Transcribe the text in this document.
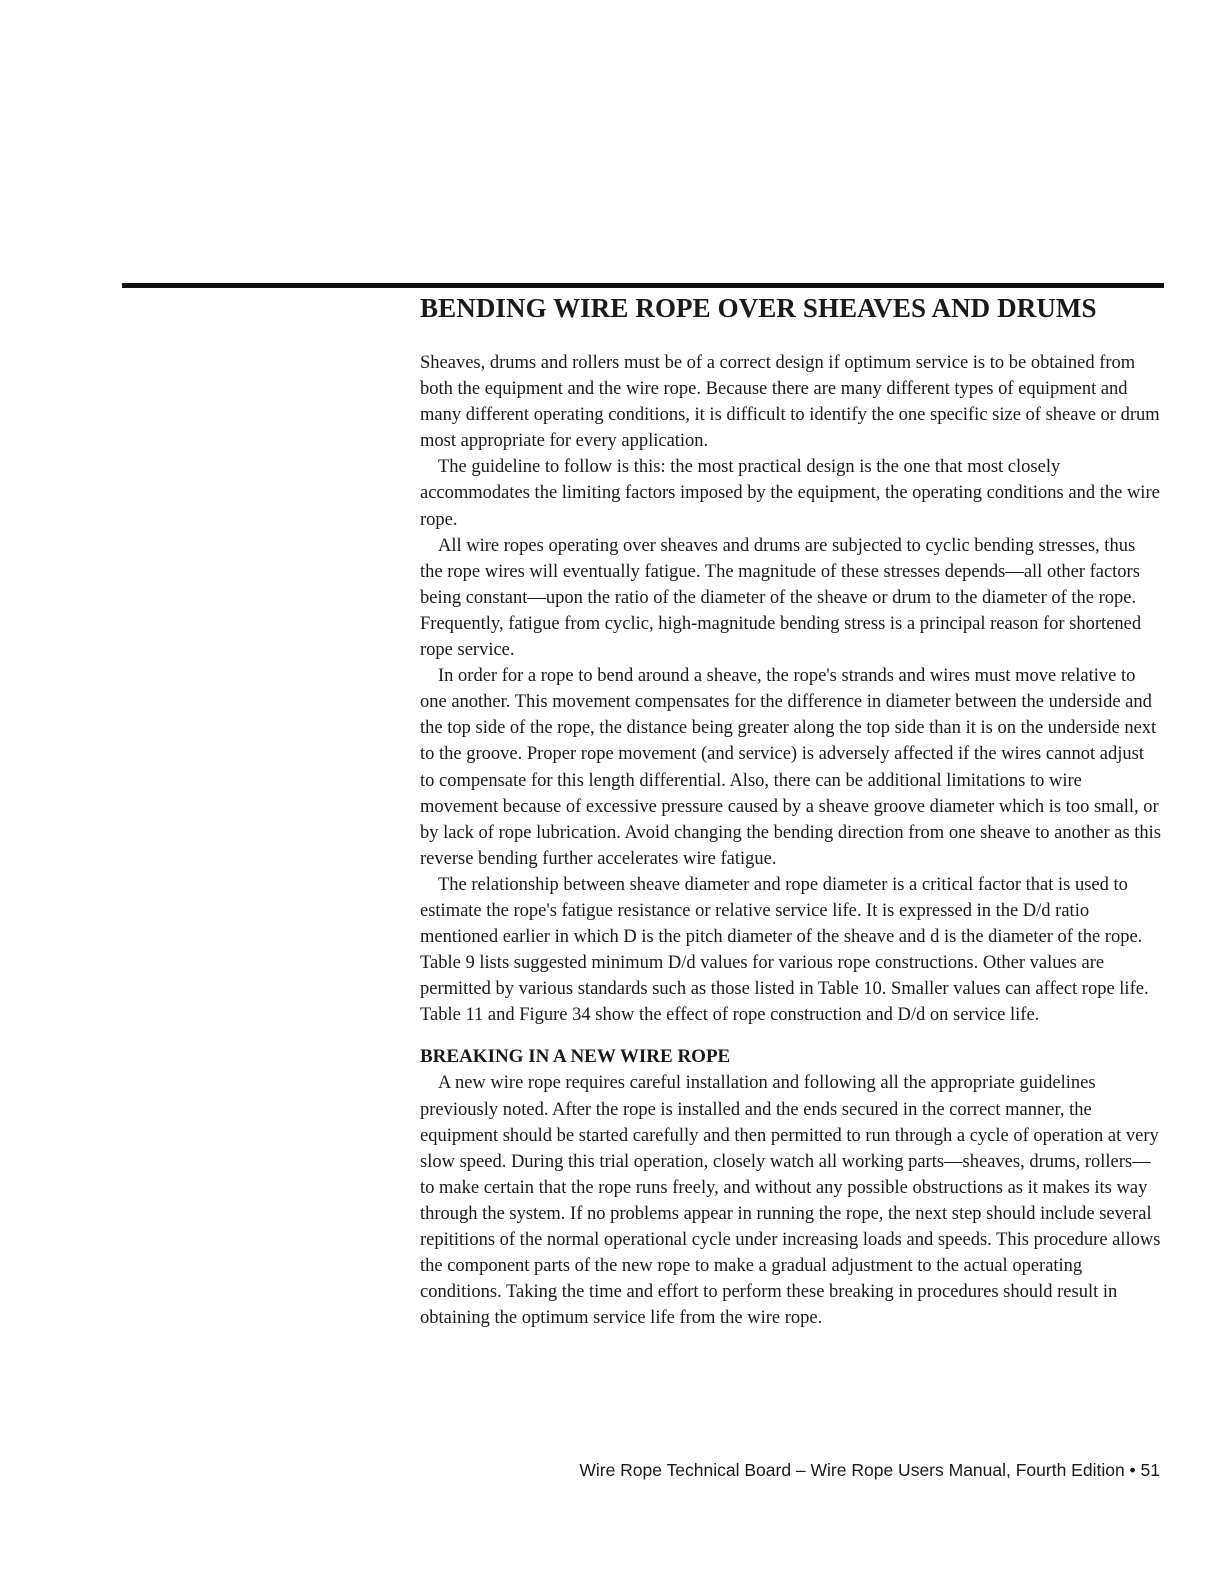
BENDING WIRE ROPE OVER SHEAVES AND DRUMS

Sheaves, drums and rollers must be of a correct design if optimum service is to be obtained from both the equipment and the wire rope. Because there are many different types of equipment and many different operating conditions, it is difficult to identify the one specific size of sheave or drum most appropriate for every application.

The guideline to follow is this: the most practical design is the one that most closely accommodates the limiting factors imposed by the equipment, the operating conditions and the wire rope.

All wire ropes operating over sheaves and drums are subjected to cyclic bending stresses, thus the rope wires will eventually fatigue. The magnitude of these stresses depends—all other factors being constant—upon the ratio of the diameter of the sheave or drum to the diameter of the rope. Frequently, fatigue from cyclic, high-magnitude bending stress is a principal reason for shortened rope service.

In order for a rope to bend around a sheave, the rope's strands and wires must move relative to one another. This movement compensates for the difference in diameter between the underside and the top side of the rope, the distance being greater along the top side than it is on the underside next to the groove. Proper rope movement (and service) is adversely affected if the wires cannot adjust to compensate for this length differential. Also, there can be additional limitations to wire movement because of excessive pressure caused by a sheave groove diameter which is too small, or by lack of rope lubrication. Avoid changing the bending direction from one sheave to another as this reverse bending further accelerates wire fatigue.

The relationship between sheave diameter and rope diameter is a critical factor that is used to estimate the rope's fatigue resistance or relative service life. It is expressed in the D/d ratio mentioned earlier in which D is the pitch diameter of the sheave and d is the diameter of the rope. Table 9 lists suggested minimum D/d values for various rope constructions. Other values are permitted by various standards such as those listed in Table 10. Smaller values can affect rope life. Table 11 and Figure 34 show the effect of rope construction and D/d on service life.

BREAKING IN A NEW WIRE ROPE

A new wire rope requires careful installation and following all the appropriate guidelines previously noted. After the rope is installed and the ends secured in the correct manner, the equipment should be started carefully and then permitted to run through a cycle of operation at very slow speed. During this trial operation, closely watch all working parts—sheaves, drums, rollers—to make certain that the rope runs freely, and without any possible obstructions as it makes its way through the system. If no problems appear in running the rope, the next step should include several repititions of the normal operational cycle under increasing loads and speeds. This procedure allows the component parts of the new rope to make a gradual adjustment to the actual operating conditions. Taking the time and effort to perform these breaking in procedures should result in obtaining the optimum service life from the wire rope.

Wire Rope Technical Board – Wire Rope Users Manual, Fourth Edition • 51
